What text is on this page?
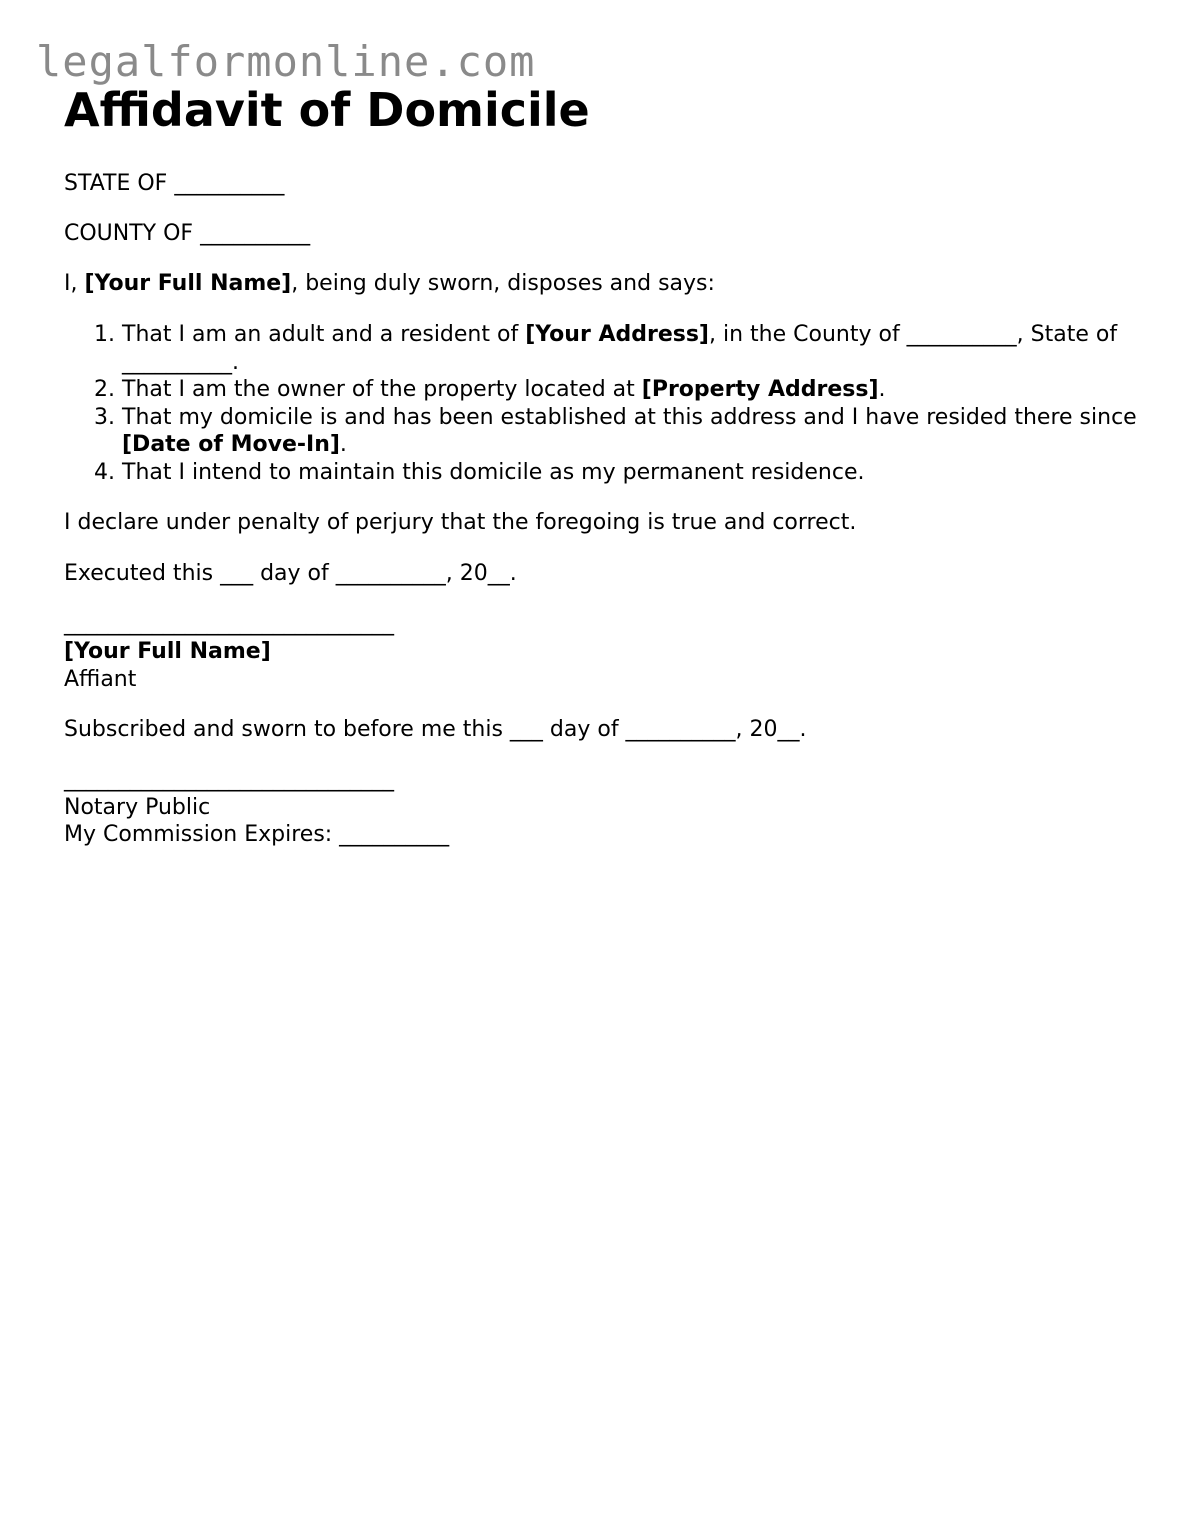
legalformonline.com
Affidavit of Domicile
STATE OF __________
COUNTY OF __________
I, [Your Full Name], being duly sworn, disposes and says:
1. That I am an adult and a resident of [Your Address], in the County of __________, State of __________.
2. That I am the owner of the property located at [Property Address].
3. That my domicile is and has been established at this address and I have resided there since [Date of Move-In].
4. That I intend to maintain this domicile as my permanent residence.
I declare under penalty of perjury that the foregoing is true and correct.
Executed this ___ day of __________, 20__.
______________________________
[Your Full Name]
Affiant
Subscribed and sworn to before me this ___ day of __________, 20__.
______________________________
Notary Public
My Commission Expires: __________
